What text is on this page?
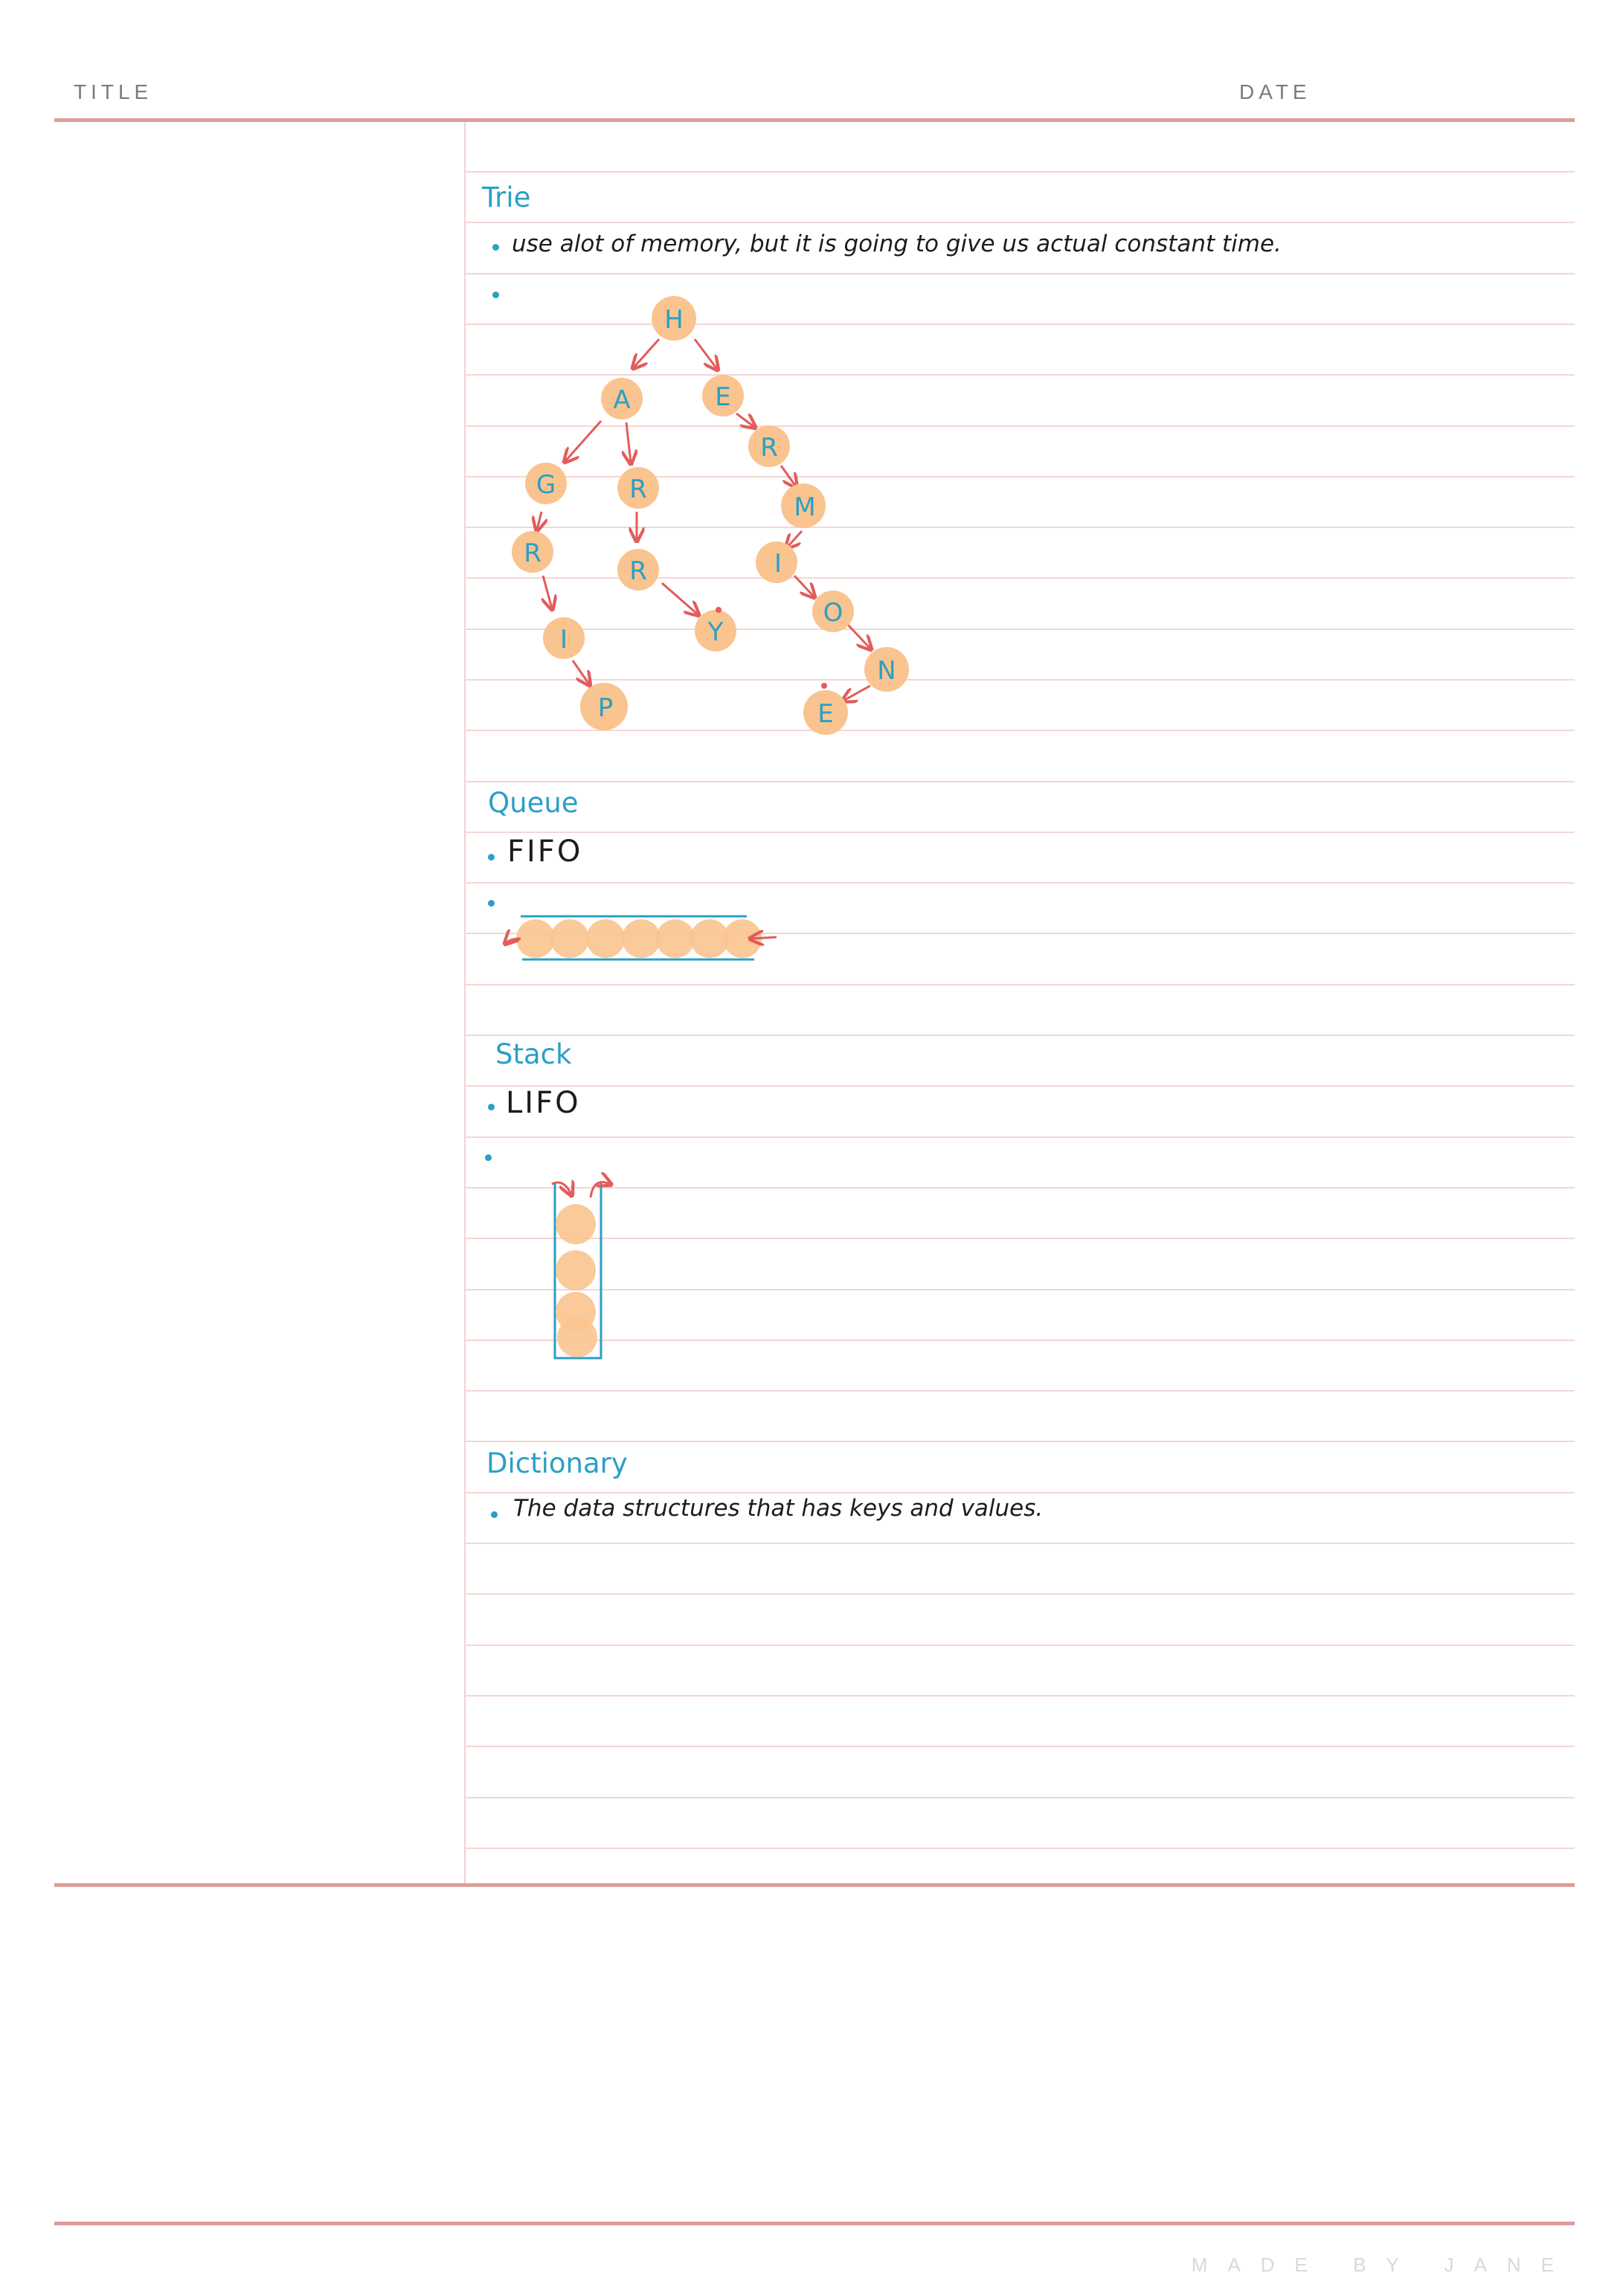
TITLE	DATE
Trie
use alot of memory, but it is going to give us actual constant time.
Queue
FIFO
Stack
LIFO
Dictionary
The data structures that has keys and values.
H
A
G
R
I
P
R
R
Y
E
R
M
I
O
N
E
MADE BY JANE
